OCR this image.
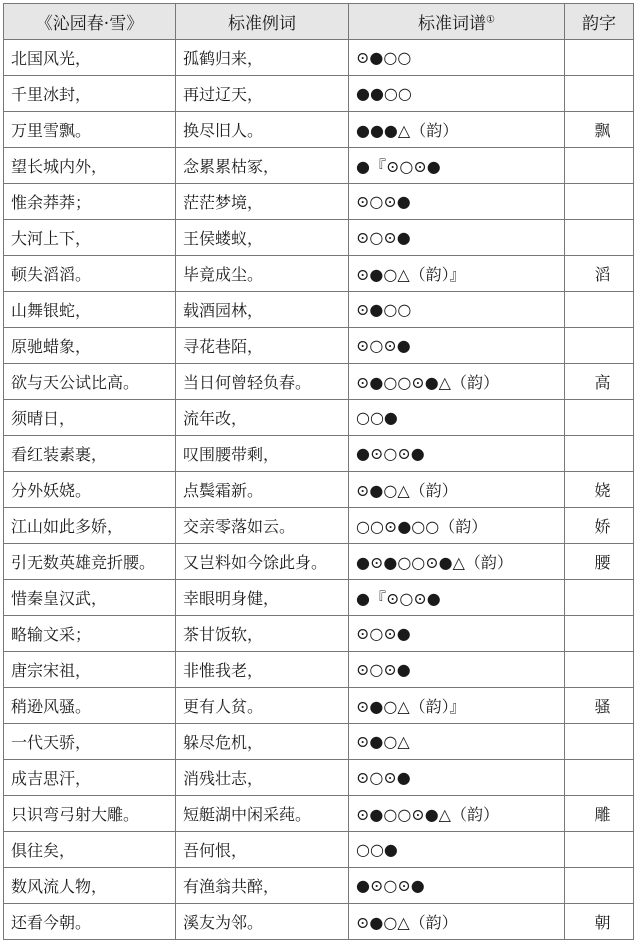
《沁园春·雪》	标准例词	标准词谱①	韵字
北国风光，	孤鹤归来，	⊙●○○	
千里冰封，	再过辽天，	●●○○	
万里雪飘。	换尽旧人。	●●●△（韵）	飘
望长城内外，	念累累枯冢，	●『⊙○⊙●	
惟余莽莽；	茫茫梦境，	⊙○⊙●	
大河上下，	王侯蝼蚁，	⊙○⊙●	
顿失滔滔。	毕竟成尘。	⊙●○△（韵）』	滔
山舞银蛇，	载酒园林，	⊙●○○	
原驰蜡象，	寻花巷陌，	⊙○⊙●	
欲与天公试比高。	当日何曾轻负春。	⊙●○○⊙●△（韵）	高
须晴日，	流年改，	○○●	
看红装素裹，	叹围腰带剩，	●⊙○⊙●	
分外妖娆。	点鬓霜新。	⊙●○△（韵）	娆
江山如此多娇，	交亲零落如云。	○○⊙●○○（韵）	娇
引无数英雄竞折腰。	又岂料如今馀此身。	●⊙●○○⊙●△（韵）	腰
惜秦皇汉武，	幸眼明身健，	●『⊙○⊙●	
略输文采；	茶甘饭软，	⊙○⊙●	
唐宗宋祖，	非惟我老，	⊙○⊙●	
稍逊风骚。	更有人贫。	⊙●○△（韵）』	骚
一代天骄，	躲尽危机，	⊙●○△	
成吉思汗，	消残壮志，	⊙○⊙●	
只识弯弓射大雕。	短艇湖中闲采莼。	⊙●○○⊙●△（韵）	雕
俱往矣，	吾何恨，	○○●	
数风流人物，	有渔翁共醉，	●⊙○⊙●	
还看今朝。	溪友为邻。	⊙●○△（韵）	朝
